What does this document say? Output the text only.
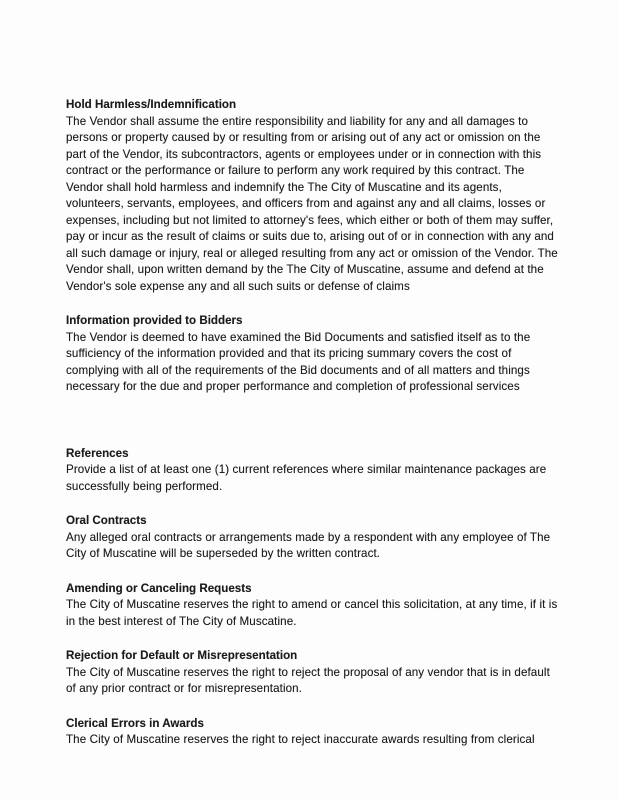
Hold Harmless/Indemnification

The Vendor shall assume the entire responsibility and liability for any and all damages to persons or property caused by or resulting from or arising out of any act or omission on the part of the Vendor, its subcontractors, agents or employees under or in connection with this contract or the performance or failure to perform any work required by this contract. The Vendor shall hold harmless and indemnify the The City of Muscatine and its agents, volunteers, servants, employees, and officers from and against any and all claims, losses or expenses, including but not limited to attorney's fees, which either or both of them may suffer, pay or incur as the result of claims or suits due to, arising out of or in connection with any and all such damage or injury, real or alleged resulting from any act or omission of the Vendor. The Vendor shall, upon written demand by the The City of Muscatine, assume and defend at the Vendor's sole expense any and all such suits or defense of claims

Information provided to Bidders

The Vendor is deemed to have examined the Bid Documents and satisfied itself as to the sufficiency of the information provided and that its pricing summary covers the cost of complying with all of the requirements of the Bid documents and of all matters and things necessary for the due and proper performance and completion of professional services

References

Provide a list of at least one (1) current references where similar maintenance packages are successfully being performed.

Oral Contracts

Any alleged oral contracts or arrangements made by a respondent with any employee of The City of Muscatine will be superseded by the written contract.

Amending or Canceling Requests

The City of Muscatine reserves the right to amend or cancel this solicitation, at any time, if it is in the best interest of The City of Muscatine.

Rejection for Default or Misrepresentation

The City of Muscatine reserves the right to reject the proposal of any vendor that is in default of any prior contract or for misrepresentation.

Clerical Errors in Awards

The City of Muscatine reserves the right to reject inaccurate awards resulting from clerical
